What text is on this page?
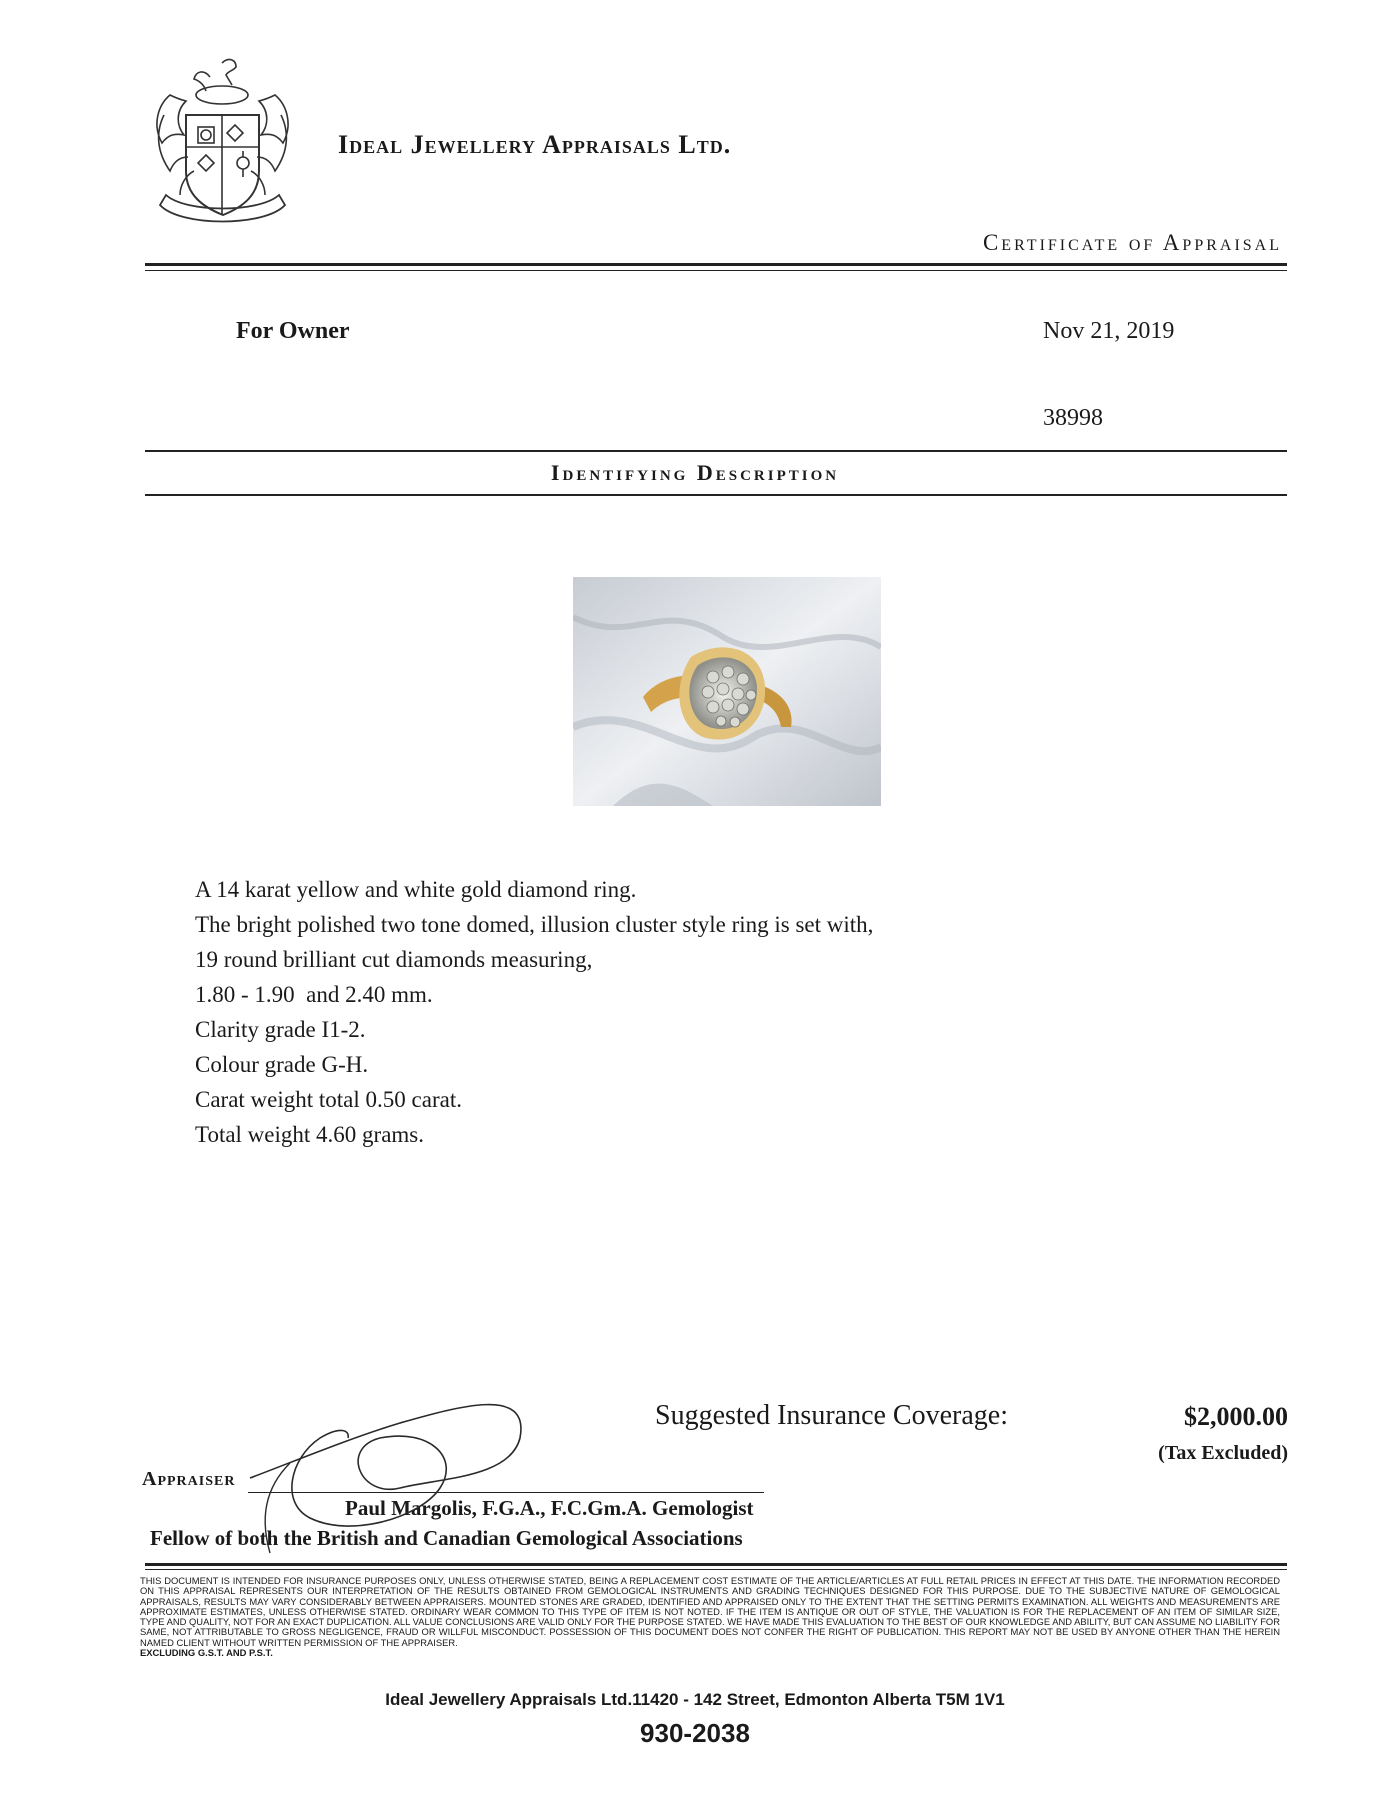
Ideal Jewellery Appraisals Ltd.
Certificate of Appraisal
For Owner	Nov 21, 2019
38998
Identifying Description
A 14 karat yellow and white gold diamond ring.
The bright polished two tone domed, illusion cluster style ring is set with,
19 round brilliant cut diamonds measuring,
1.80 - 1.90  and 2.40 mm.
Clarity grade I1-2.
Colour grade G-H.
Carat weight total 0.50 carat.
Total weight 4.60 grams.
Suggested Insurance Coverage:	$2,000.00
(Tax Excluded)
Appraiser
Paul Margolis, F.G.A., F.C.Gm.A. Gemologist
Fellow of both the British and Canadian Gemological Associations
THIS DOCUMENT IS INTENDED FOR INSURANCE PURPOSES ONLY, UNLESS OTHERWISE STATED, BEING A REPLACEMENT COST ESTIMATE OF THE ARTICLE/ARTICLES AT FULL RETAIL PRICES IN EFFECT AT THIS DATE. THE INFORMATION RECORDED ON THIS APPRAISAL REPRESENTS OUR INTERPRETATION OF THE RESULTS OBTAINED FROM GEMOLOGICAL INSTRUMENTS AND GRADING TECHNIQUES DESIGNED FOR THIS PURPOSE. DUE TO THE SUBJECTIVE NATURE OF GEMOLOGICAL APPRAISALS, RESULTS MAY VARY CONSIDERABLY BETWEEN APPRAISERS. MOUNTED STONES ARE GRADED, IDENTIFIED AND APPRAISED ONLY TO THE EXTENT THAT THE SETTING PERMITS EXAMINATION. ALL WEIGHTS AND MEASUREMENTS ARE APPROXIMATE ESTIMATES, UNLESS OTHERWISE STATED. ORDINARY WEAR COMMON TO THIS TYPE OF ITEM IS NOT NOTED. IF THE ITEM IS ANTIQUE OR OUT OF STYLE, THE VALUATION IS FOR THE REPLACEMENT OF AN ITEM OF SIMILAR SIZE, TYPE AND QUALITY, NOT FOR AN EXACT DUPLICATION. ALL VALUE CONCLUSIONS ARE VALID ONLY FOR THE PURPOSE STATED. WE HAVE MADE THIS EVALUATION TO THE BEST OF OUR KNOWLEDGE AND ABILITY, BUT CAN ASSUME NO LIABILITY FOR SAME, NOT ATTRIBUTABLE TO GROSS NEGLIGENCE, FRAUD OR WILLFUL MISCONDUCT. POSSESSION OF THIS DOCUMENT DOES NOT CONFER THE RIGHT OF PUBLICATION. THIS REPORT MAY NOT BE USED BY ANYONE OTHER THAN THE HEREIN NAMED CLIENT WITHOUT WRITTEN PERMISSION OF THE APPRAISER.
EXCLUDING G.S.T. AND P.S.T.
Ideal Jewellery Appraisals Ltd.11420 - 142 Street, Edmonton Alberta T5M 1V1
930-2038
